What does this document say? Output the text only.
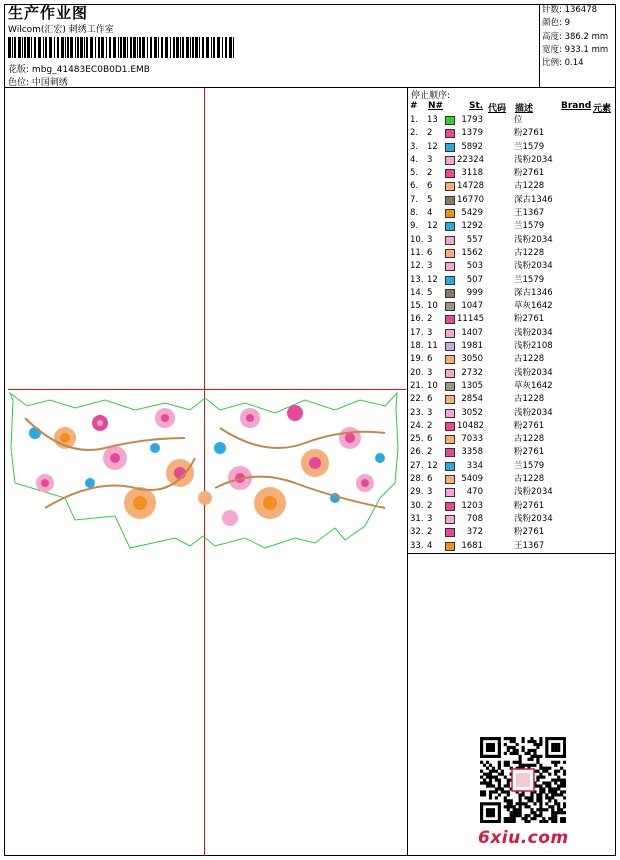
生产作业图
Wilcom(汇宏) 刺绣工作室
花版: mbg_41483EC0B0D1.EMB
色位: 中国刺绣
针数: 136478
颜色: 9
高度: 386.2 mm
宽度: 933.1 mm
比例: 0.14
停止顺序:
# N#	St. 代码 描述	Brand 元素
1. 13	1793	位
2. 2	1379	粉2761
3. 12	5892	兰1579
4. 3	22324	浅粉2034
5. 2	3118	粉2761
6. 6	14728	古1228
7. 5	16770	深古1346
8. 4	5429	王1367
9. 12	1292	兰1579
10. 3	557	浅粉2034
11. 6	1562	古1228
12. 3	503	浅粉2034
13. 12	507	兰1579
14. 5	999	深古1346
15. 10	1047	草灰1642
16. 2	11145	粉2761
17. 3	1407	浅粉2034
18. 11	1981	浅粉2108
19. 6	3050	古1228
20. 3	2732	浅粉2034
21. 10	1305	草灰1642
22. 6	2854	古1228
23. 3	3052	浅粉2034
24. 2	10482	粉2761
25. 6	7033	古1228
26. 2	3358	粉2761
27. 12	334	兰1579
28. 6	5409	古1228
29. 3	470	浅粉2034
30. 2	1203	粉2761
31. 3	708	浅粉2034
32. 2	372	粉2761
33. 4	1681	王1367
6xiu.com
